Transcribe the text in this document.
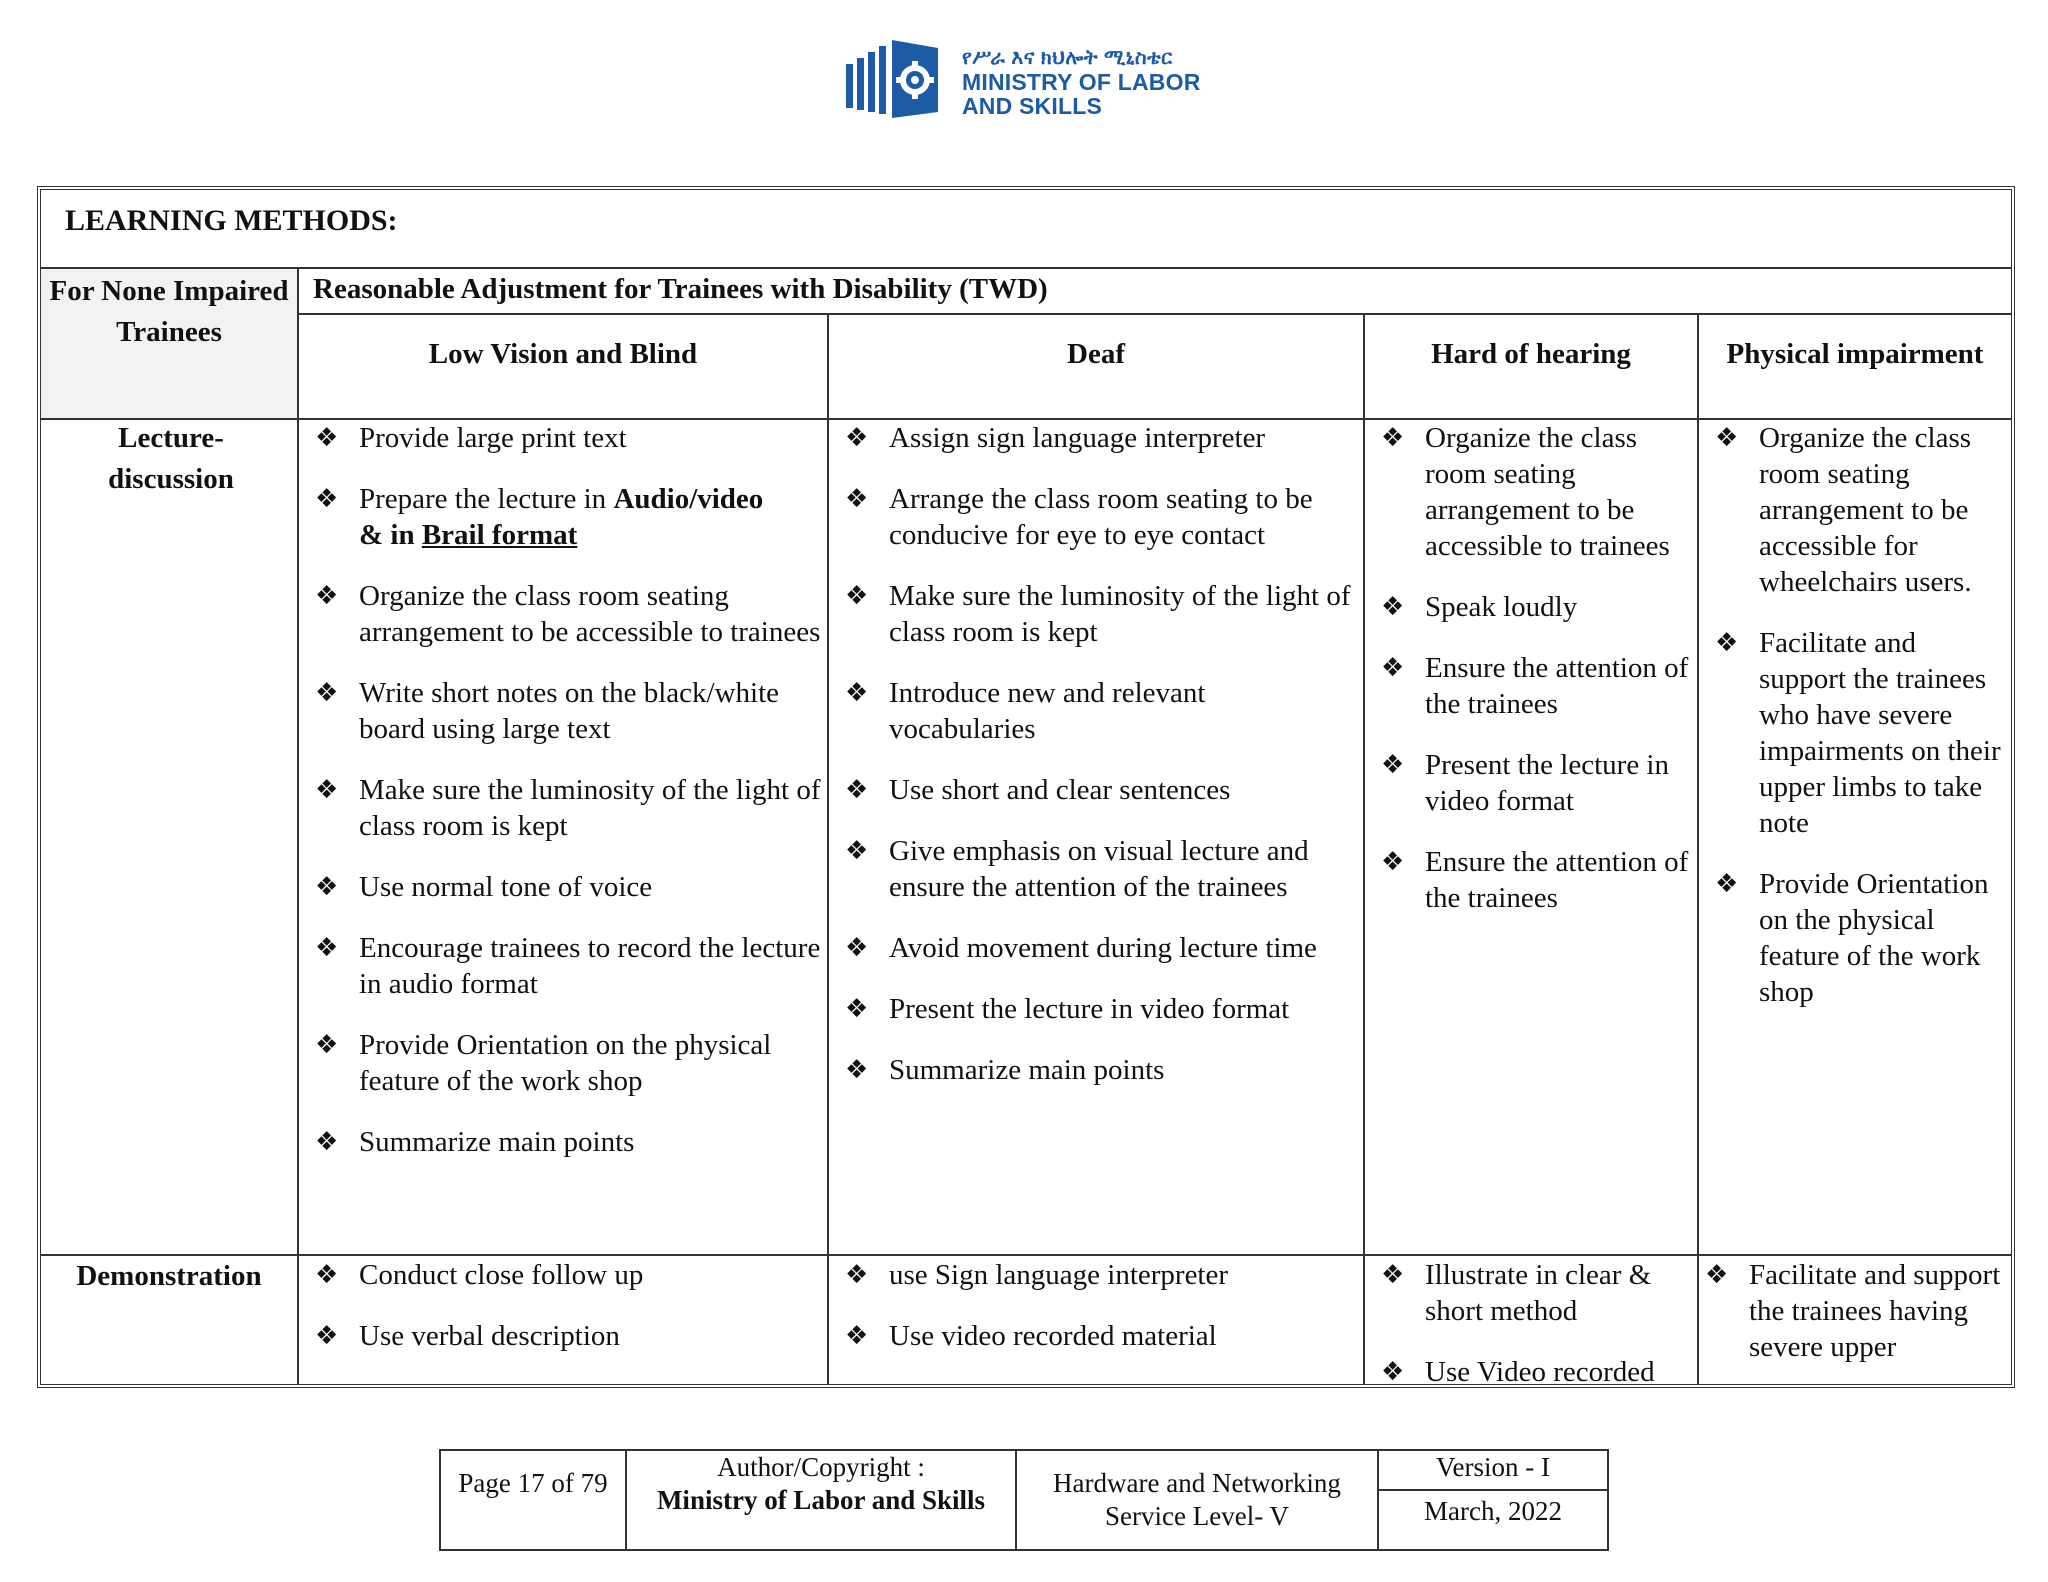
የሥራ እና ክህሎት ሚኒስቴር
MINISTRY OF LABOR
AND SKILLS
LEARNING METHODS:
For None Impaired Trainees
Reasonable Adjustment for Trainees with Disability (TWD)
Low Vision and Blind	Deaf	Hard of hearing	Physical impairment
Lecture-discussion
❖ Provide large print text
❖ Prepare the lecture in Audio/video
& in Brail format
❖ Organize the class room seating arrangement to be accessible to trainees
❖ Write short notes on the black/white board using large text
❖ Make sure the luminosity of the light of class room is kept
❖ Use normal tone of voice
❖ Encourage trainees to record the lecture in audio format
❖ Provide Orientation on the physical feature of the work shop
❖ Summarize main points
❖ Assign sign language interpreter
❖ Arrange the class room seating to be conducive for eye to eye contact
❖ Make sure the luminosity of the light of class room is kept
❖ Introduce new and relevant vocabularies
❖ Use short and clear sentences
❖ Give emphasis on visual lecture and ensure the attention of the trainees
❖ Avoid movement during lecture time
❖ Present the lecture in video format
❖ Summarize main points
❖ Organize the class room seating arrangement to be accessible to trainees
❖ Speak loudly
❖ Ensure the attention of the trainees
❖ Present the lecture in video format
❖ Ensure the attention of the trainees
❖ Organize the class room seating arrangement to be accessible for wheelchairs users.
❖ Facilitate and support the trainees who have severe impairments on their upper limbs to take note
❖ Provide Orientation on the physical feature of the work shop
Demonstration
❖	Conduct close follow up
❖ Use verbal description
❖ use Sign language interpreter
❖ Use video recorded material
❖ Illustrate in clear & short method
❖ Use Video recorded
❖ Facilitate and support the trainees having severe upper
Page 17 of 79
Author/Copyright :
Ministry of Labor and Skills
Hardware and Networking
Service Level- V
Version - I
March, 2022
